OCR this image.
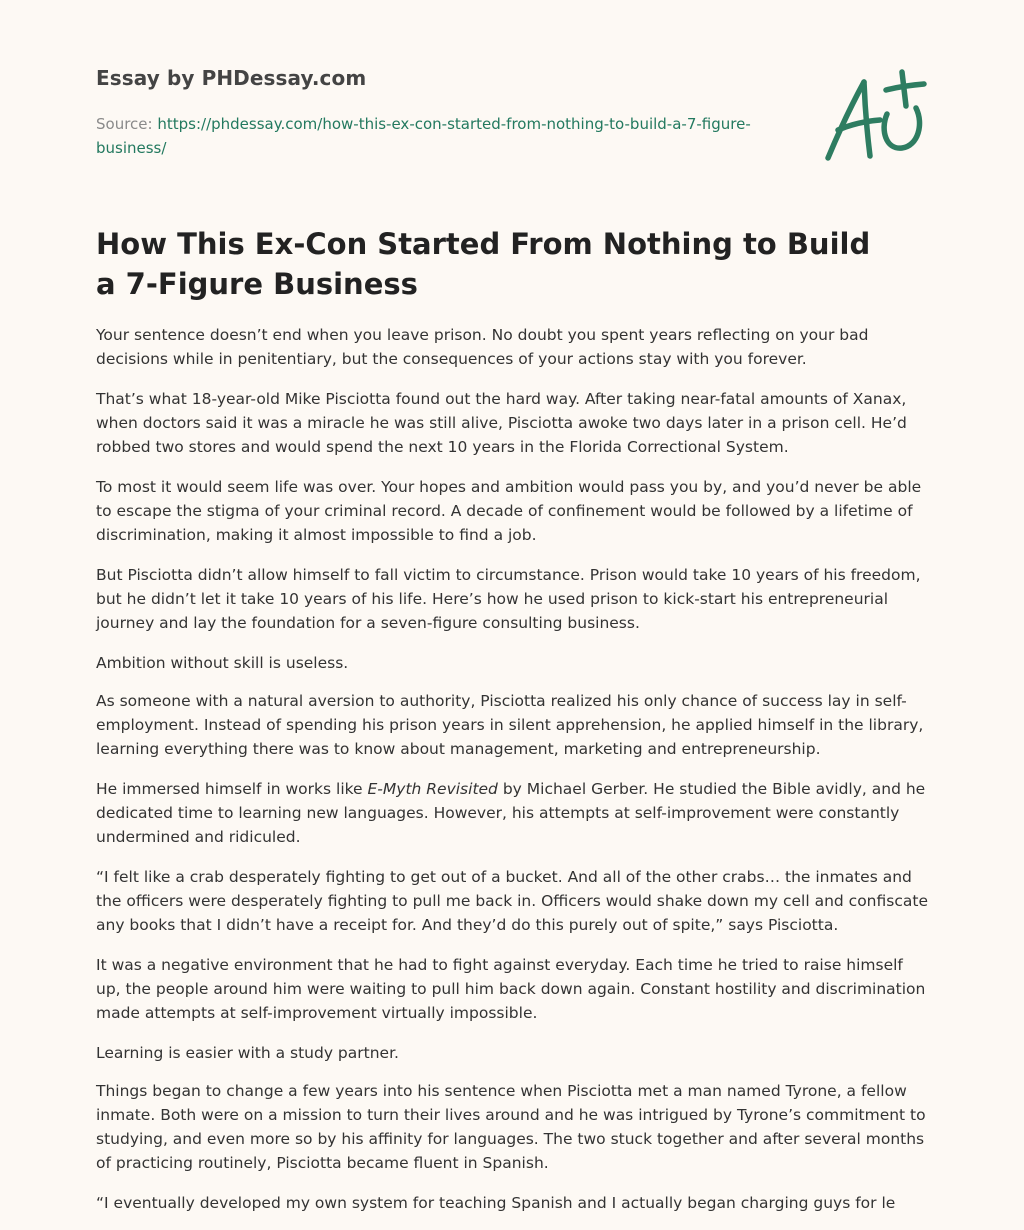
Essay by PHDessay.com
Source: https://phdessay.com/how-this-ex-con-started-from-nothing-to-build-a-7-figure-business/
How This Ex-Con Started From Nothing to Build a 7-Figure Business

Your sentence doesn’t end when you leave prison. No doubt you spent years reflecting on your bad decisions while in penitentiary, but the consequences of your actions stay with you forever.

That’s what 18-year-old Mike Pisciotta found out the hard way. After taking near-fatal amounts of Xanax, when doctors said it was a miracle he was still alive, Pisciotta awoke two days later in a prison cell. He’d robbed two stores and would spend the next 10 years in the Florida Correctional System.

To most it would seem life was over. Your hopes and ambition would pass you by, and you’d never be able to escape the stigma of your criminal record. A decade of confinement would be followed by a lifetime of discrimination, making it almost impossible to find a job.

But Pisciotta didn’t allow himself to fall victim to circumstance. Prison would take 10 years of his freedom, but he didn’t let it take 10 years of his life. Here’s how he used prison to kick-start his entrepreneurial journey and lay the foundation for a seven-figure consulting business.

Ambition without skill is useless.

As someone with a natural aversion to authority, Pisciotta realized his only chance of success lay in self-employment. Instead of spending his prison years in silent apprehension, he applied himself in the library, learning everything there was to know about management, marketing and entrepreneurship.

He immersed himself in works like E-Myth Revisited by Michael Gerber. He studied the Bible avidly, and he dedicated time to learning new languages. However, his attempts at self-improvement were constantly undermined and ridiculed.

“I felt like a crab desperately fighting to get out of a bucket. And all of the other crabs… the inmates and the officers were desperately fighting to pull me back in. Officers would shake down my cell and confiscate any books that I didn’t have a receipt for. And they’d do this purely out of spite,” says Pisciotta.

It was a negative environment that he had to fight against everyday. Each time he tried to raise himself up, the people around him were waiting to pull him back down again. Constant hostility and discrimination made attempts at self-improvement virtually impossible.

Learning is easier with a study partner.

Things began to change a few years into his sentence when Pisciotta met a man named Tyrone, a fellow inmate. Both were on a mission to turn their lives around and he was intrigued by Tyrone’s commitment to studying, and even more so by his affinity for languages. The two stuck together and after several months of practicing routinely, Pisciotta became fluent in Spanish.

“I eventually developed my own system for teaching Spanish and I actually began charging guys for le
